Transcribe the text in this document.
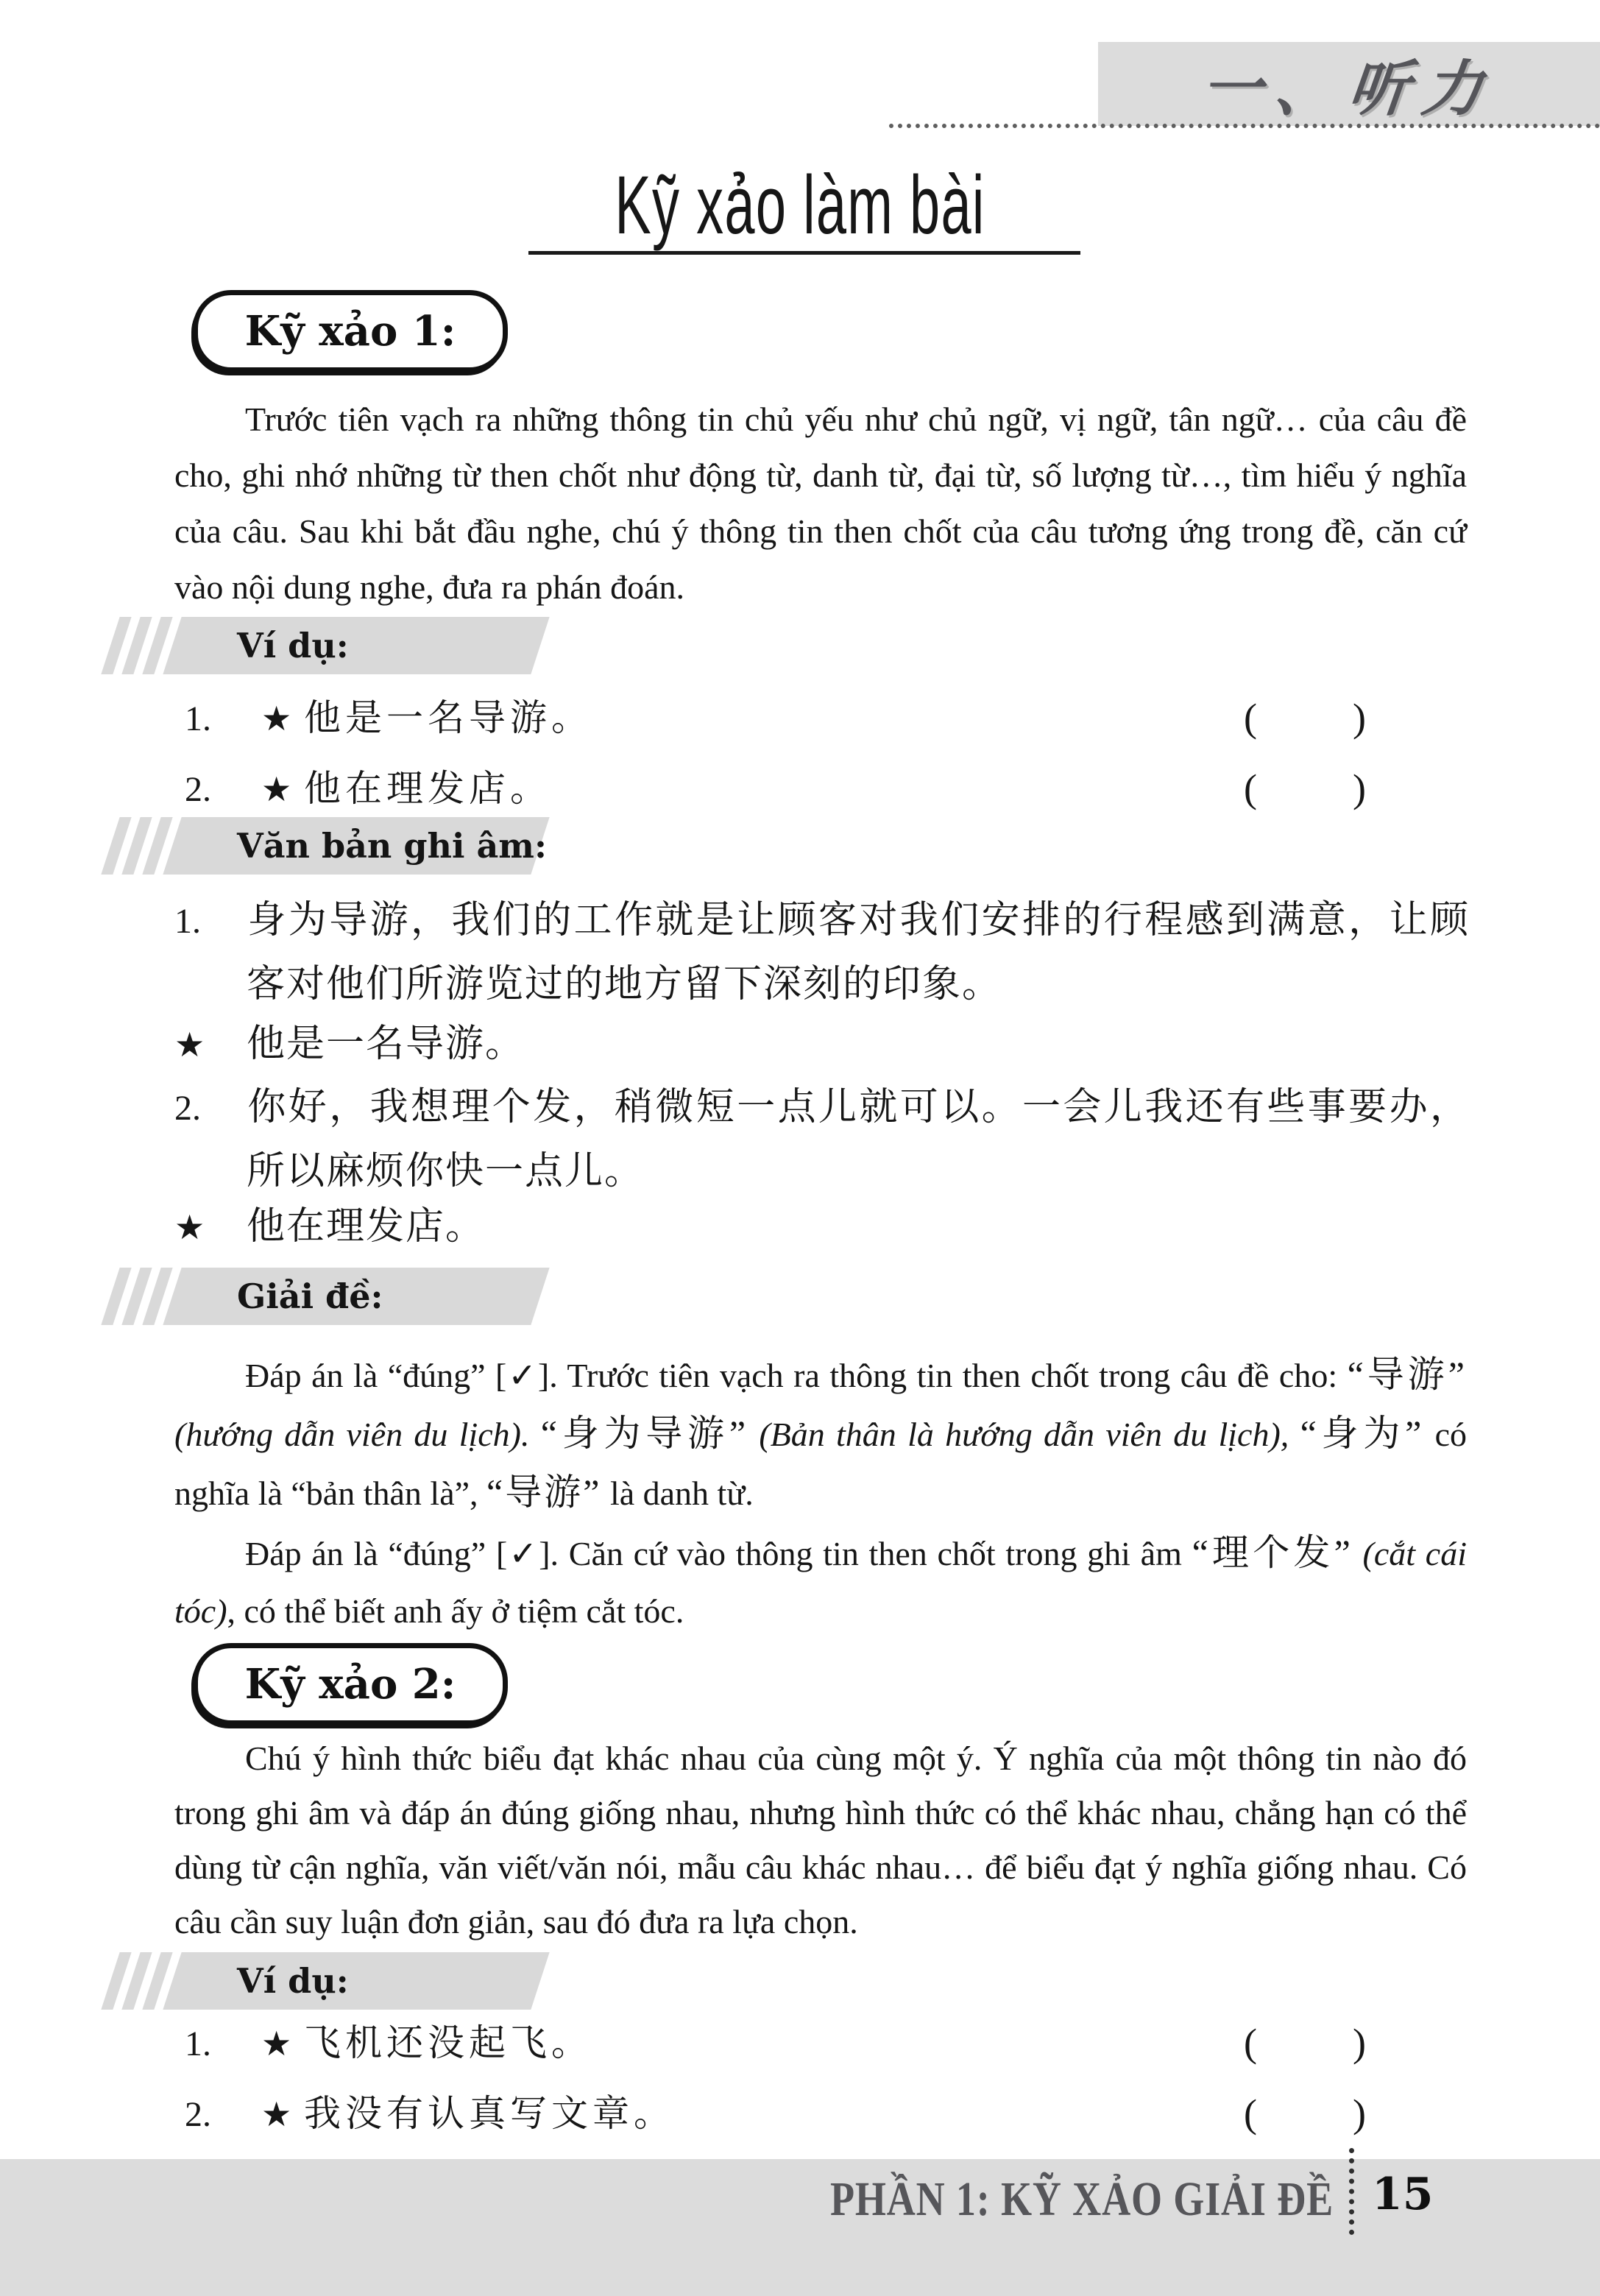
一、听力
Kỹ xảo làm bài
Kỹ xảo 1:
Trước tiên vạch ra những thông tin chủ yếu như chủ ngữ, vị ngữ, tân ngữ… của câu đề cho, ghi nhớ những từ then chốt như động từ, danh từ, đại từ, số lượng từ…, tìm hiểu ý nghĩa của câu. Sau khi bắt đầu nghe, chú ý thông tin then chốt của câu tương ứng trong đề, căn cứ vào nội dung nghe, đưa ra phán đoán.
Ví dụ:
1. ★ 他是一名导游。	( )
2. ★ 他在理发店。	( )
Văn bản ghi âm:
1. 身为导游，我们的工作就是让顾客对我们安排的行程感到满意，让顾客对他们所游览过的地方留下深刻的印象。
★ 他是一名导游。
2. 你好，我想理个发，稍微短一点儿就可以。一会儿我还有些事要办，所以麻烦你快一点儿。
★ 他在理发店。
Giải đề:
Đáp án là “đúng” [✓]. Trước tiên vạch ra thông tin then chốt trong câu đề cho: “导游” (hướng dẫn viên du lịch). “身为导游” (Bản thân là hướng dẫn viên du lịch), “身为” có nghĩa là “bản thân là”, “导游” là danh từ.
Đáp án là “đúng” [✓]. Căn cứ vào thông tin then chốt trong ghi âm “理个发” (cắt cái tóc), có thể biết anh ấy ở tiệm cắt tóc.
Kỹ xảo 2:
Chú ý hình thức biểu đạt khác nhau của cùng một ý. Ý nghĩa của một thông tin nào đó trong ghi âm và đáp án đúng giống nhau, nhưng hình thức có thể khác nhau, chẳng hạn có thể dùng từ cận nghĩa, văn viết/văn nói, mẫu câu khác nhau… để biểu đạt ý nghĩa giống nhau. Có câu cần suy luận đơn giản, sau đó đưa ra lựa chọn.
Ví dụ:
1. ★ 飞机还没起飞。	( )
2. ★ 我没有认真写文章。	( )
PHẦN 1: KỸ XẢO GIẢI ĐỀ 15
